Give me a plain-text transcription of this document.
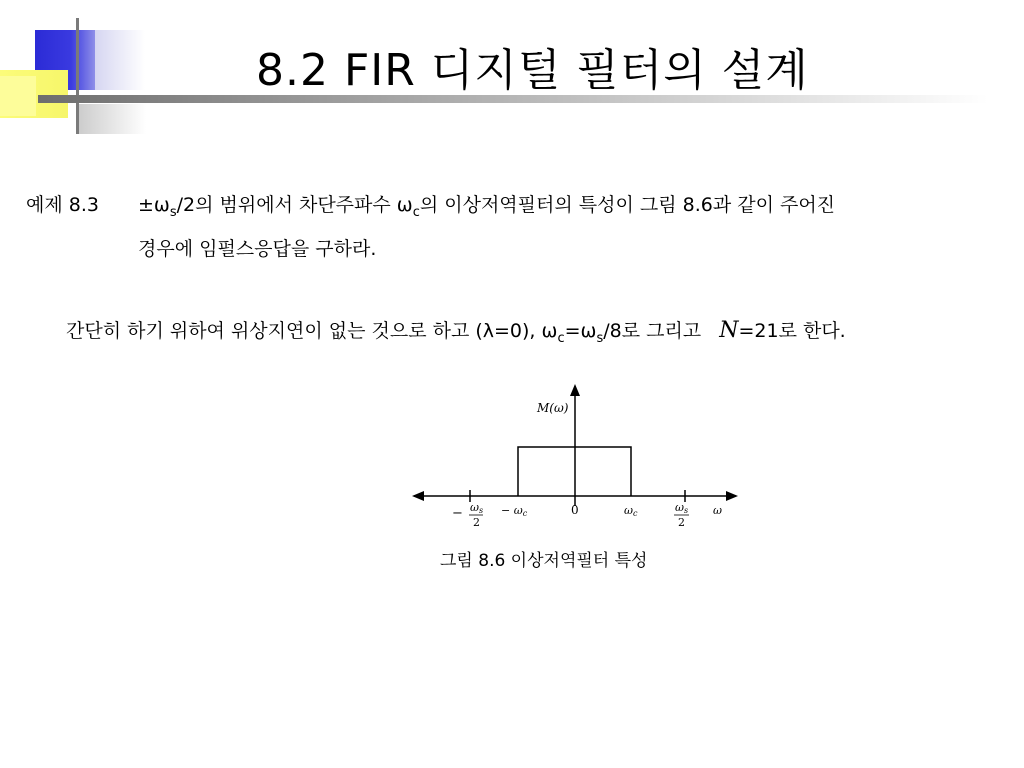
8.2 FIR 디지털 필터의 설계
예제 $8.3 \pm\omega_s/2$의 범위에서 차단주파수 $\omega_c$의 이상저역필터의 특성이 그림 8.6과 같이 주어진
경우에 임펄스응답을 구하라.
간단히 하기 위하여 위상지연이 없는 것으로 하고 (λ=0), $\omega_c=\omega_s/8$로 그리고 N=21로 한다.
M(ω)
− ωs
2
− ωc	0	ωc	ωs
2
ω
그림 8.6 이상저역필터 특성
